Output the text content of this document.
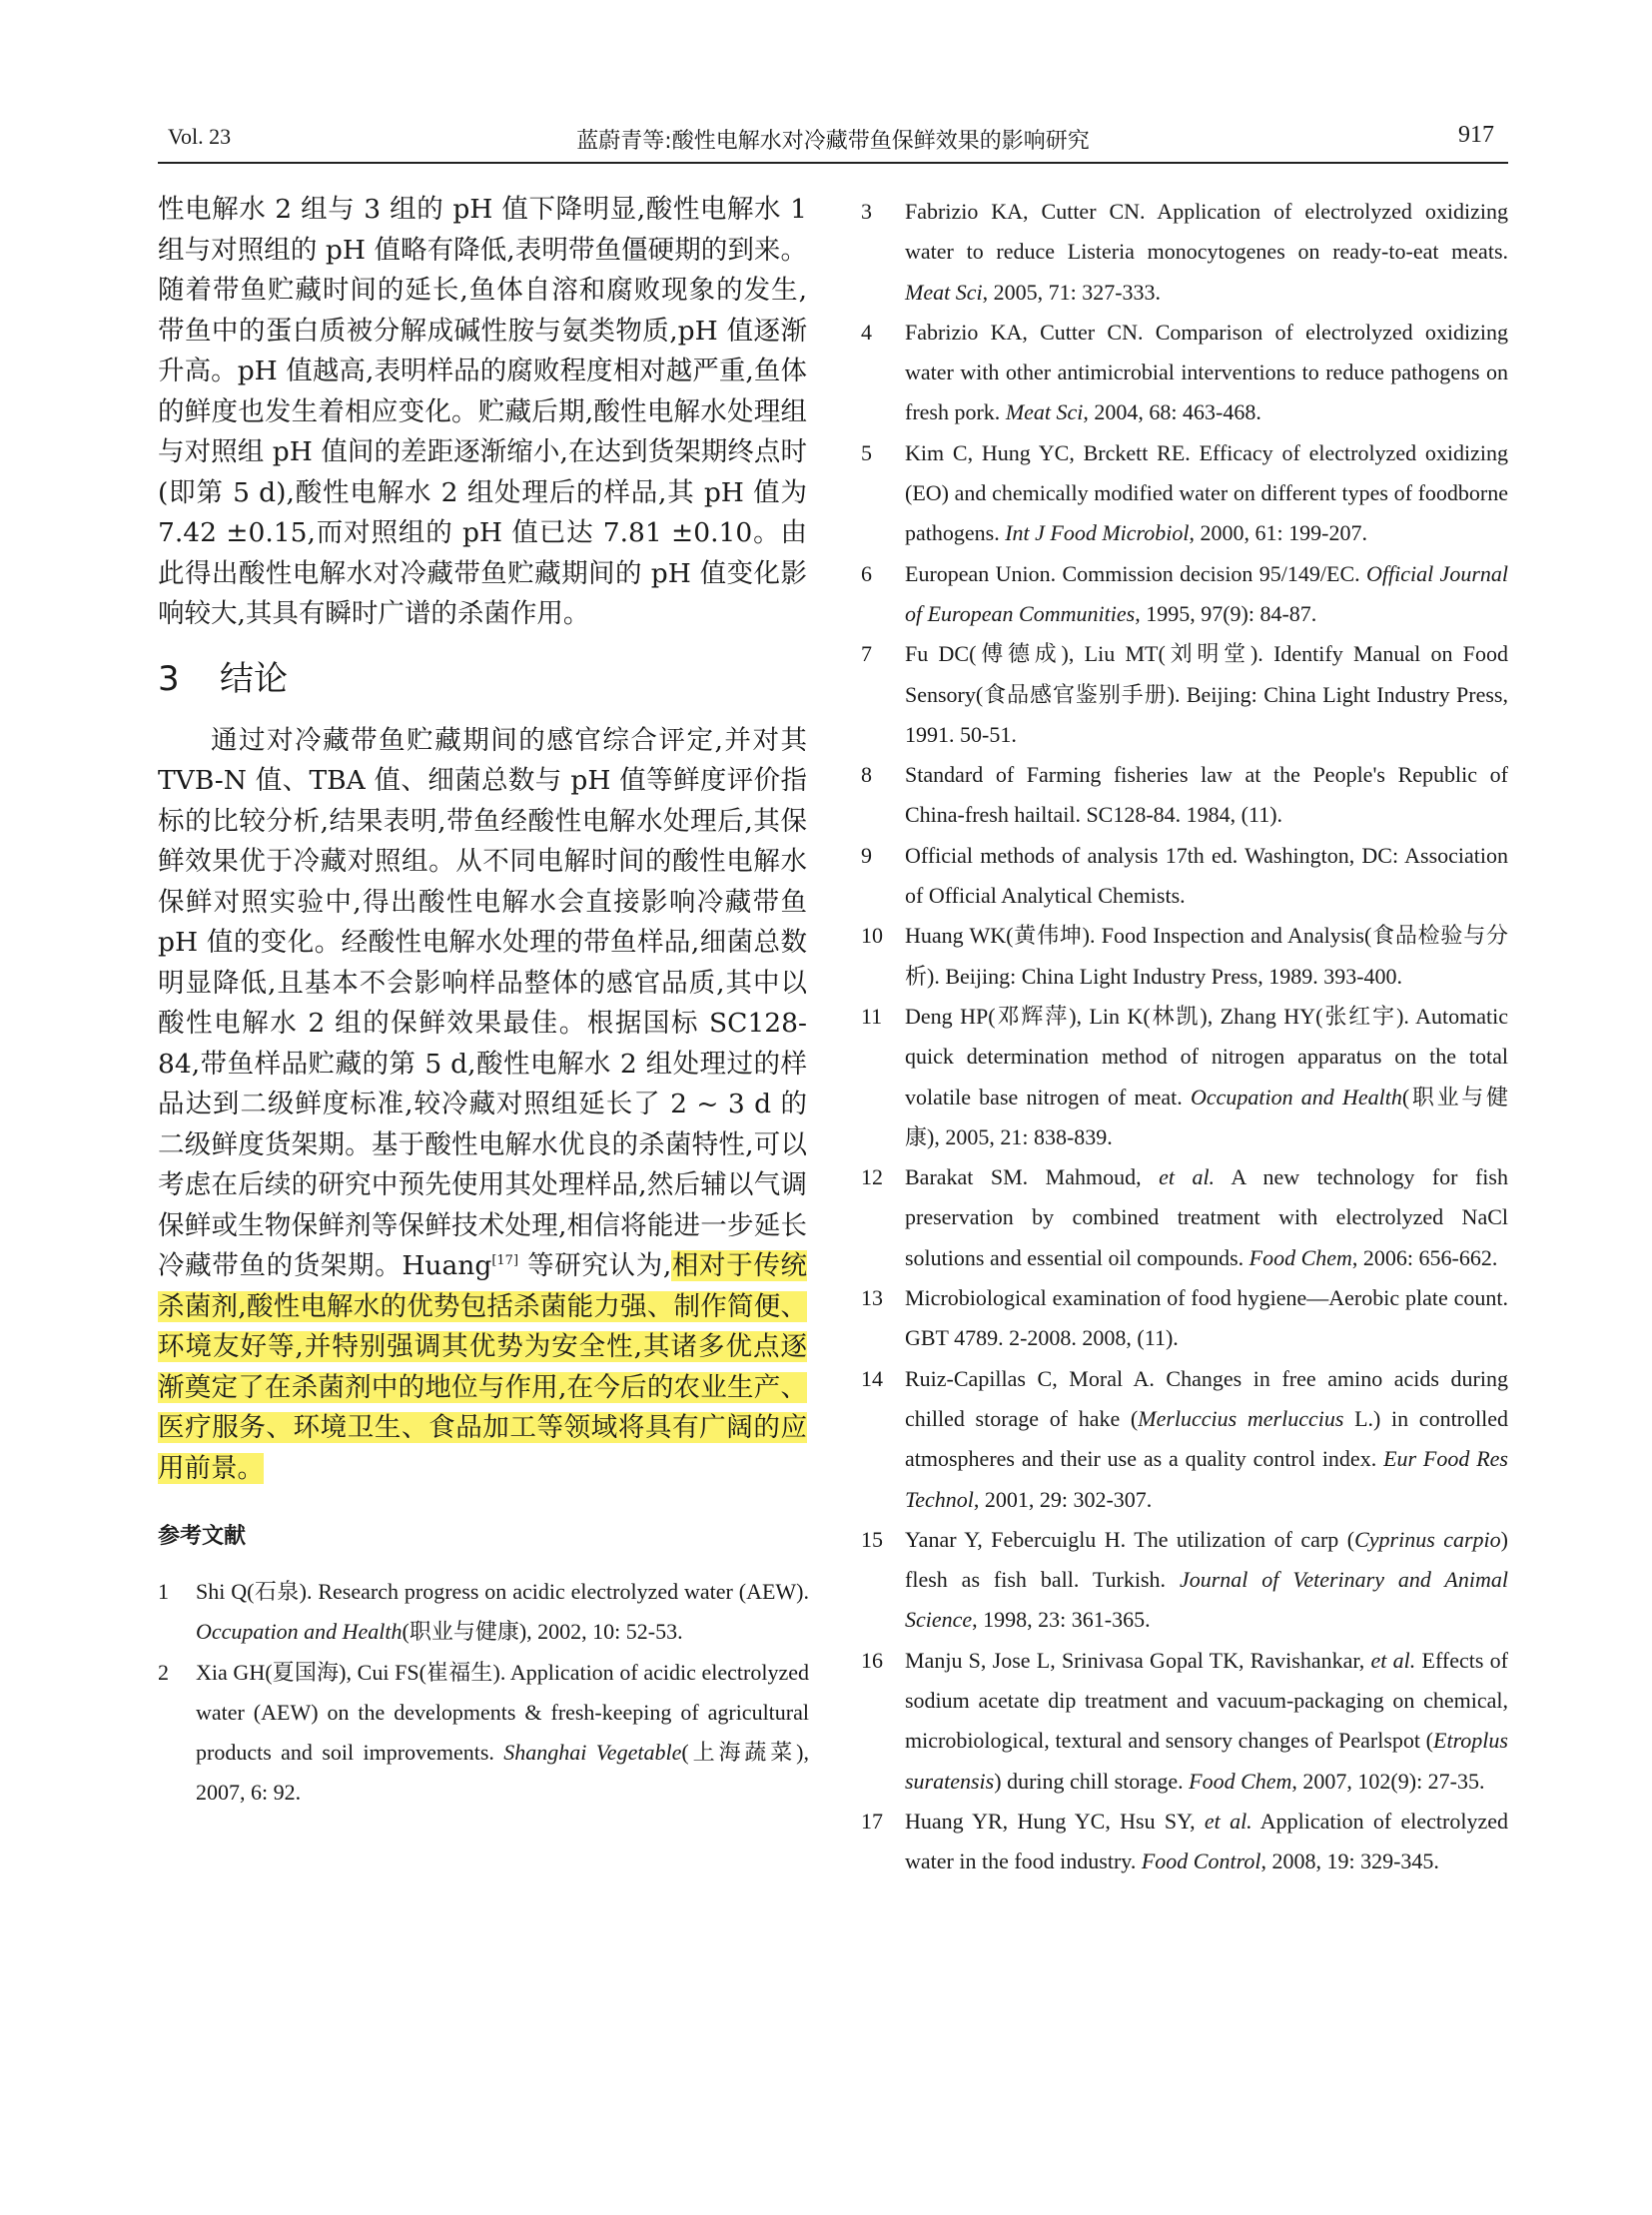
Vol. 23	蓝蔚青等:酸性电解水对冷藏带鱼保鲜效果的影响研究	917

性电解水 2 组与 3 组的 pH 值下降明显,酸性电解水 1 组与对照组的 pH 值略有降低,表明带鱼僵硬期的到来。随着带鱼贮藏时间的延长,鱼体自溶和腐败现象的发生,带鱼中的蛋白质被分解成碱性胺与氨类物质,pH 值逐渐升高。pH 值越高,表明样品的腐败程度相对越严重,鱼体的鲜度也发生着相应变化。贮藏后期,酸性电解水处理组与对照组 pH 值间的差距逐渐缩小,在达到货架期终点时(即第 5 d),酸性电解水 2 组处理后的样品,其 pH 值为 7.42 ±0.15,而对照组的 pH 值已达 7.81 ±0.10。由此得出酸性电解水对冷藏带鱼贮藏期间的 pH 值变化影响较大,其具有瞬时广谱的杀菌作用。

3	结论

通过对冷藏带鱼贮藏期间的感官综合评定,并对其 TVB-N 值、TBA 值、细菌总数与 pH 值等鲜度评价指标的比较分析,结果表明,带鱼经酸性电解水处理后,其保鲜效果优于冷藏对照组。从不同电解时间的酸性电解水保鲜对照实验中,得出酸性电解水会直接影响冷藏带鱼 pH 值的变化。经酸性电解水处理的带鱼样品,细菌总数明显降低,且基本不会影响样品整体的感官品质,其中以酸性电解水 2 组的保鲜效果最佳。根据国标 SC128-84,带鱼样品贮藏的第 5 d,酸性电解水 2 组处理过的样品达到二级鲜度标准,较冷藏对照组延长了 2 ~ 3 d 的二级鲜度货架期。基于酸性电解水优良的杀菌特性,可以考虑在后续的研究中预先使用其处理样品,然后辅以气调保鲜或生物保鲜剂等保鲜技术处理,相信将能进一步延长冷藏带鱼的货架期。Huang[17] 等研究认为,相对于传统杀菌剂,酸性电解水的优势包括杀菌能力强、制作简便、环境友好等,并特别强调其优势为安全性,其诸多优点逐渐奠定了在杀菌剂中的地位与作用,在今后的农业生产、医疗服务、环境卫生、食品加工等领域将具有广阔的应用前景。

参考文献
1	Shi Q(石泉). Research progress on acidic electrolyzed water (AEW). Occupation and Health(职业与健康), 2002, 10: 52-53.
2	Xia GH(夏国海), Cui FS(崔福生). Application of acidic electrolyzed water (AEW) on the developments & fresh-keeping of agricultural products and soil improvements. Shanghai Vegetable(上海蔬菜), 2007, 6: 92.
3	Fabrizio KA, Cutter CN. Application of electrolyzed oxidizing water to reduce Listeria monocytogenes on ready-to-eat meats. Meat Sci, 2005, 71: 327-333.
4	Fabrizio KA, Cutter CN. Comparison of electrolyzed oxidizing water with other antimicrobial interventions to reduce pathogens on fresh pork. Meat Sci, 2004, 68: 463-468.
5	Kim C, Hung YC, Brckett RE. Efficacy of electrolyzed oxidizing (EO) and chemically modified water on different types of foodborne pathogens. Int J Food Microbiol, 2000, 61: 199-207.
6	European Union. Commission decision 95/149/EC. Official Journal of European Communities, 1995, 97(9): 84-87.
7	Fu DC(傅德成), Liu MT(刘明堂). Identify Manual on Food Sensory(食品感官鉴别手册). Beijing: China Light Industry Press, 1991. 50-51.
8	Standard of Farming fisheries law at the People's Republic of China-fresh hailtail. SC128-84. 1984, (11).
9	Official methods of analysis 17th ed. Washington, DC: Association of Official Analytical Chemists.
10	Huang WK(黄伟坤). Food Inspection and Analysis(食品检验与分析). Beijing: China Light Industry Press, 1989. 393-400.
11	Deng HP(邓辉萍), Lin K(林凯), Zhang HY(张红宇). Automatic quick determination method of nitrogen apparatus on the total volatile base nitrogen of meat. Occupation and Health(职业与健康), 2005, 21: 838-839.
12	Barakat SM. Mahmoud, et al. A new technology for fish preservation by combined treatment with electrolyzed NaCl solutions and essential oil compounds. Food Chem, 2006: 656-662.
13	Microbiological examination of food hygiene—Aerobic plate count. GBT 4789. 2-2008. 2008, (11).
14	Ruiz-Capillas C, Moral A. Changes in free amino acids during chilled storage of hake (Merluccius merluccius L.) in controlled atmospheres and their use as a quality control index. Eur Food Res Technol, 2001, 29: 302-307.
15	Yanar Y, Febercuiglu H. The utilization of carp (Cyprinus carpio) flesh as fish ball. Turkish. Journal of Veterinary and Animal Science, 1998, 23: 361-365.
16	Manju S, Jose L, Srinivasa Gopal TK, Ravishankar, et al. Effects of sodium acetate dip treatment and vacuum-packaging on chemical, microbiological, textural and sensory changes of Pearlspot (Etroplus suratensis) during chill storage. Food Chem, 2007, 102(9): 27-35.
17	Huang YR, Hung YC, Hsu SY, et al. Application of electrolyzed water in the food industry. Food Control, 2008, 19: 329-345.
